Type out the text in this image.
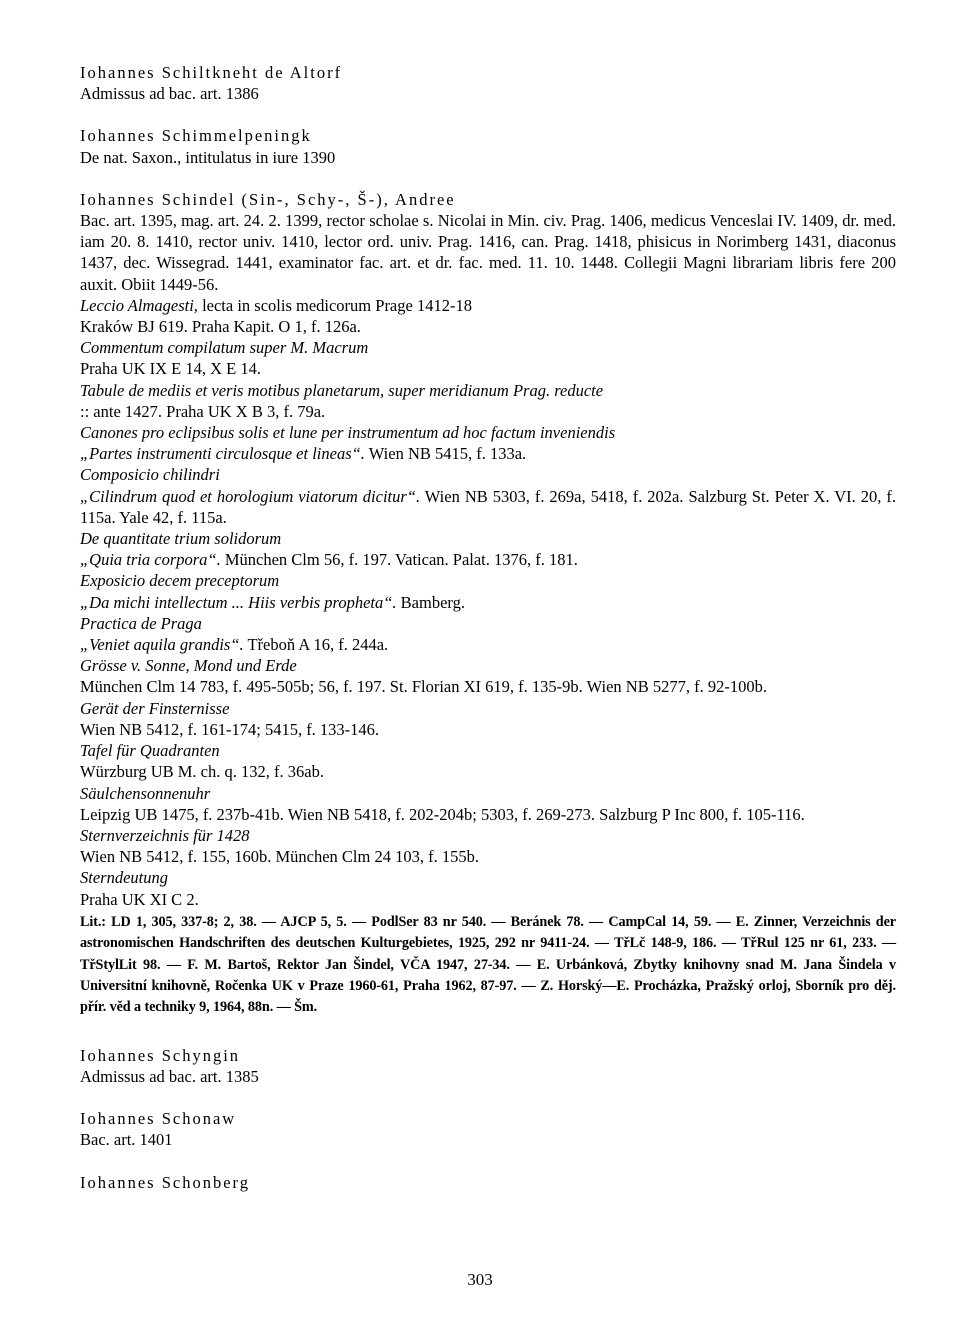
Iohannes Schiltkneht de Altorf
Admissus ad bac. art. 1386
Iohannes Schimmelpeningk
De nat. Saxon., intitulatus in iure 1390
Iohannes Schindel (Sin-, Schy-, Š-), Andree
Bac. art. 1395, mag. art. 24. 2. 1399, rector scholae s. Nicolai in Min. civ. Prag. 1406, medicus Venceslai IV. 1409, dr. med. iam 20. 8. 1410, rector univ. 1410, lector ord. univ. Prag. 1416, can. Prag. 1418, phisicus in Norimberg 1431, diaconus 1437, dec. Wissegrad. 1441, examinator fac. art. et dr. fac. med. 11. 10. 1448. Collegii Magni librariam libris fere 200 auxit. Obiit 1449-56.
Leccio Almagesti, lecta in scolis medicorum Prage 1412-18
Kraków BJ 619. Praha Kapit. O 1, f. 126a.
Commentum compilatum super M. Macrum
Praha UK IX E 14, X E 14.
Tabule de mediis et veris motibus planetarum, super meridianum Prag. reducte
:: ante 1427. Praha UK X B 3, f. 79a.
Canones pro eclipsibus solis et lune per instrumentum ad hoc factum inveniendis
„Partes instrumenti circulosque et lineas“. Wien NB 5415, f. 133a.
Composicio chilindri
„Cilindrum quod et horologium viatorum dicitur“. Wien NB 5303, f. 269a, 5418, f. 202a. Salzburg St. Peter X. VI. 20, f. 115a. Yale 42, f. 115a.
De quantitate trium solidorum
„Quia tria corpora“. München Clm 56, f. 197. Vatican. Palat. 1376, f. 181.
Exposicio decem preceptorum
„Da michi intellectum ... Hiis verbis propheta“. Bamberg.
Practica de Praga
„Veniet aquila grandis“. Třeboň A 16, f. 244a.
Grösse v. Sonne, Mond und Erde
München Clm 14 783, f. 495-505b; 56, f. 197. St. Florian XI 619, f. 135-9b. Wien NB 5277, f. 92-100b.
Gerät der Finsternisse
Wien NB 5412, f. 161-174; 5415, f. 133-146.
Tafel für Quadranten
Würzburg UB M. ch. q. 132, f. 36ab.
Säulchensonnenuhr
Leipzig UB 1475, f. 237b-41b. Wien NB 5418, f. 202-204b; 5303, f. 269-273. Salzburg P Inc 800, f. 105-116.
Sternverzeichnis für 1428
Wien NB 5412, f. 155, 160b. München Clm 24 103, f. 155b.
Sterndeutung
Praha UK XI C 2.
Lit.: LD 1, 305, 337-8; 2, 38. — AJCP 5, 5. — PodlSer 83 nr 540. — Beránek 78. — CampCal 14, 59. — E. Zinner, Verzeichnis der astronomischen Handschriften des deutschen Kulturgebietes, 1925, 292 nr 9411-24. — TřLč 148-9, 186. — TřRul 125 nr 61, 233. — TřStylLit 98. — F. M. Bartoš, Rektor Jan Šindel, VČA 1947, 27-34. — E. Urbánková, Zbytky knihovny snad M. Jana Šindela v Universitní knihovně, Ročenka UK v Praze 1960-61, Praha 1962, 87-97. — Z. Horský—E. Procházka, Pražský orloj, Sborník pro děj. přír. věd a techniky 9, 1964, 88n. — Šm.
Iohannes Schyngin
Admissus ad bac. art. 1385
Iohannes Schonaw
Bac. art. 1401
Iohannes Schonberg
303
